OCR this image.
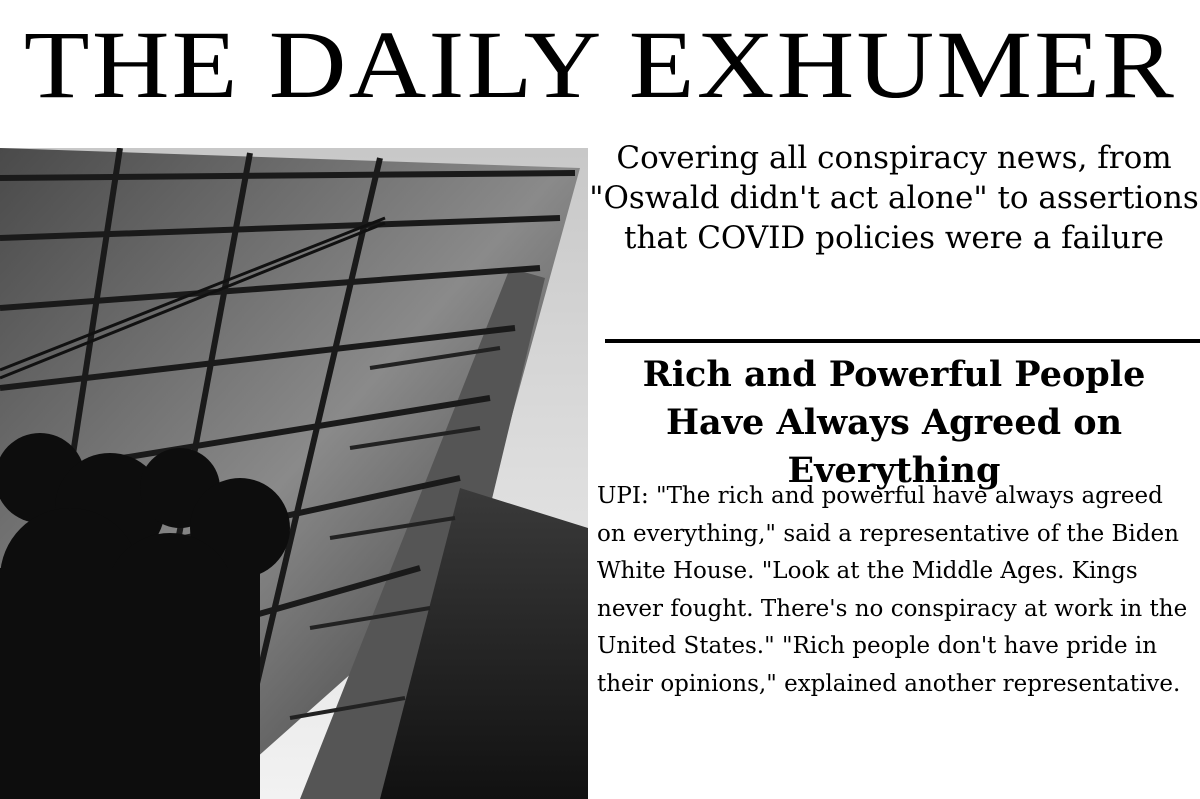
THE DAILY EXHUMER

Covering all conspiracy news, from "Oswald didn't act alone" to assertions that COVID policies were a failure

Rich and Powerful People Have Always Agreed on Everything

UPI: "The rich and powerful have always agreed on everything," said a representative of the Biden White House. "Look at the Middle Ages. Kings never fought. There's no conspiracy at work in the United States." "Rich people don't have pride in their opinions," explained another representative.
